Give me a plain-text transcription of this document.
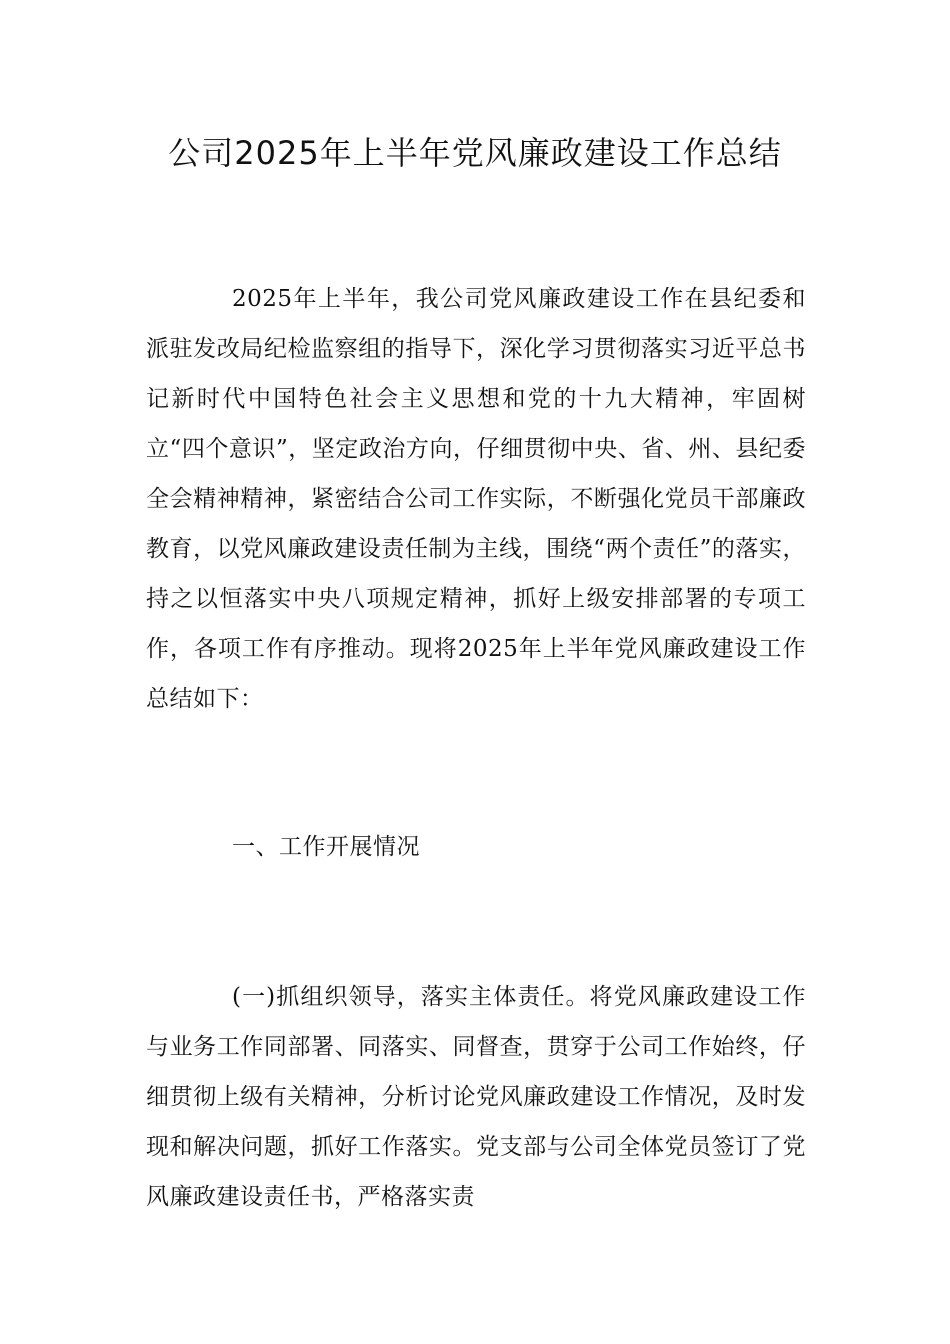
公司2025年上半年党风廉政建设工作总结

2025年上半年，我公司党风廉政建设工作在县纪委和派驻发改局纪检监察组的指导下，深化学习贯彻落实习近平总书记新时代中国特色社会主义思想和党的十九大精神，牢固树立“四个意识”，坚定政治方向，仔细贯彻中央、省、州、县纪委全会精神精神，紧密结合公司工作实际，不断强化党员干部廉政教育，以党风廉政建设责任制为主线，围绕“两个责任”的落实，持之以恒落实中央八项规定精神，抓好上级安排部署的专项工作，各项工作有序推动。现将2025年上半年党风廉政建设工作总结如下：

一、工作开展情况

(一)抓组织领导，落实主体责任。将党风廉政建设工作与业务工作同部署、同落实、同督查，贯穿于公司工作始终，仔细贯彻上级有关精神，分析讨论党风廉政建设工作情况，及时发现和解决问题，抓好工作落实。党支部与公司全体党员签订了党风廉政建设责任书，严格落实责
